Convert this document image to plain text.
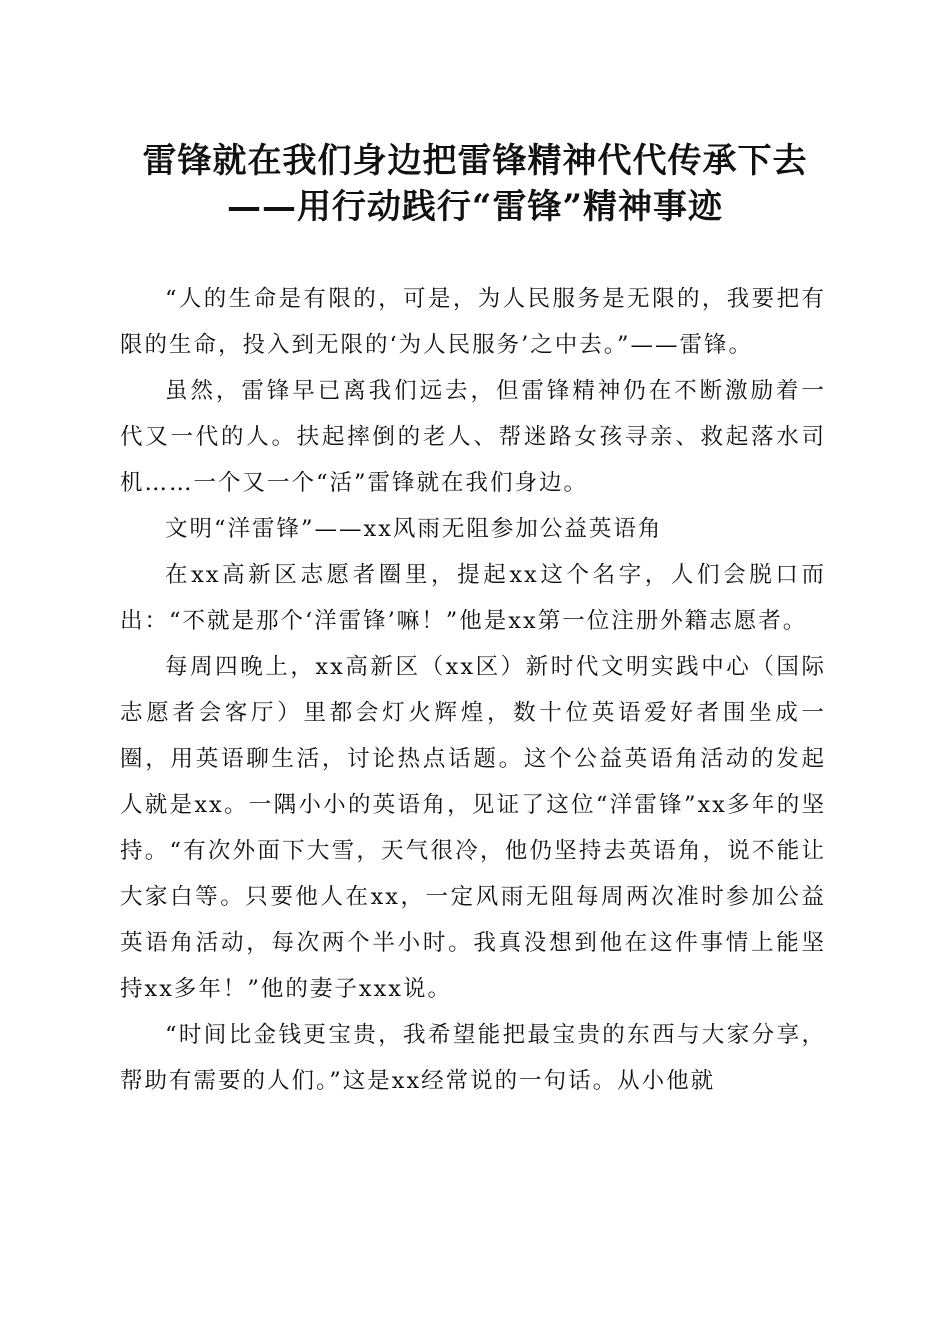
雷锋就在我们身边把雷锋精神代代传承下去
——用行动践行“雷锋”精神事迹

“人的生命是有限的，可是，为人民服务是无限的，我要把有限的生命，投入到无限的‘为人民服务’之中去。”——雷锋。

虽然，雷锋早已离我们远去，但雷锋精神仍在不断激励着一代又一代的人。扶起摔倒的老人、帮迷路女孩寻亲、救起落水司机……一个又一个“活”雷锋就在我们身边。

文明“洋雷锋”——xx风雨无阻参加公益英语角

在xx高新区志愿者圈里，提起xx这个名字，人们会脱口而出：“不就是那个‘洋雷锋’嘛！”他是xx第一位注册外籍志愿者。

每周四晚上，xx高新区（xx区）新时代文明实践中心（国际志愿者会客厅）里都会灯火辉煌，数十位英语爱好者围坐成一圈，用英语聊生活，讨论热点话题。这个公益英语角活动的发起人就是xx。一隅小小的英语角，见证了这位“洋雷锋”xx多年的坚持。“有次外面下大雪，天气很冷，他仍坚持去英语角，说不能让大家白等。只要他人在xx，一定风雨无阻每周两次准时参加公益英语角活动，每次两个半小时。我真没想到他在这件事情上能坚持xx多年！”他的妻子xxx说。

“时间比金钱更宝贵，我希望能把最宝贵的东西与大家分享，帮助有需要的人们。”这是xx经常说的一句话。从小他就
